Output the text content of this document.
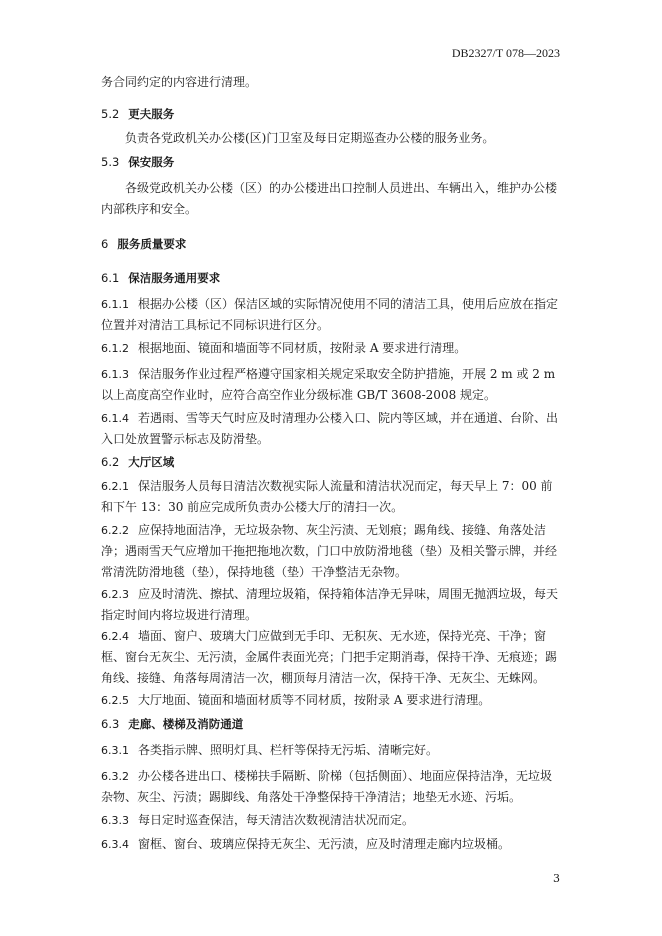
DB2327/T 078—2023
务合同约定的内容进行清理。
5.2 更夫服务
负责各党政机关办公楼(区)门卫室及每日定期巡查办公楼的服务业务。
5.3 保安服务
各级党政机关办公楼（区）的办公楼进出口控制人员进出、车辆出入，维护办公楼内部秩序和安全。
6 服务质量要求
6.1 保洁服务通用要求
6.1.1 根据办公楼（区）保洁区域的实际情况使用不同的清洁工具，使用后应放在指定位置并对清洁工具标记不同标识进行区分。
6.1.2 根据地面、镜面和墙面等不同材质，按附录 A 要求进行清理。
6.1.3 保洁服务作业过程严格遵守国家相关规定采取安全防护措施，开展 2 m 或 2 m 以上高度高空作业时，应符合高空作业分级标准 GB/T 3608-2008 规定。
6.1.4 若遇雨、雪等天气时应及时清理办公楼入口、院内等区域，并在通道、台阶、出入口处放置警示标志及防滑垫。
6.2 大厅区域
6.2.1 保洁服务人员每日清洁次数视实际人流量和清洁状况而定，每天早上 7：00 前和下午 13：30 前应完成所负责办公楼大厅的清扫一次。
6.2.2 应保持地面洁净，无垃圾杂物、灰尘污渍、无划痕；踢角线、接缝、角落处洁净；遇雨雪天气应增加干拖把拖地次数，门口中放防滑地毯（垫）及相关警示牌，并经常清洗防滑地毯（垫），保持地毯（垫）干净整洁无杂物。
6.2.3 应及时清洗、擦拭、清理垃圾箱，保持箱体洁净无异味，周围无抛洒垃圾，每天指定时间内将垃圾进行清理。
6.2.4 墙面、窗户、玻璃大门应做到无手印、无积灰、无水迹，保持光亮、干净；窗框、窗台无灰尘、无污渍，金属件表面光亮；门把手定期消毒，保持干净、无痕迹；踢角线、接缝、角落每周清洁一次，棚顶每月清洁一次，保持干净、无灰尘、无蛛网。
6.2.5 大厅地面、镜面和墙面材质等不同材质，按附录 A 要求进行清理。
6.3 走廊、楼梯及消防通道
6.3.1 各类指示牌、照明灯具、栏杆等保持无污垢、清晰完好。
6.3.2 办公楼各进出口、楼梯扶手隔断、阶梯（包括侧面）、地面应保持洁净，无垃圾杂物、灰尘、污渍；踢脚线、角落处干净整保持干净清洁；地垫无水迹、污垢。
6.3.3 每日定时巡查保洁，每天清洁次数视清洁状况而定。
6.3.4 窗框、窗台、玻璃应保持无灰尘、无污渍，应及时清理走廊内垃圾桶。
3
